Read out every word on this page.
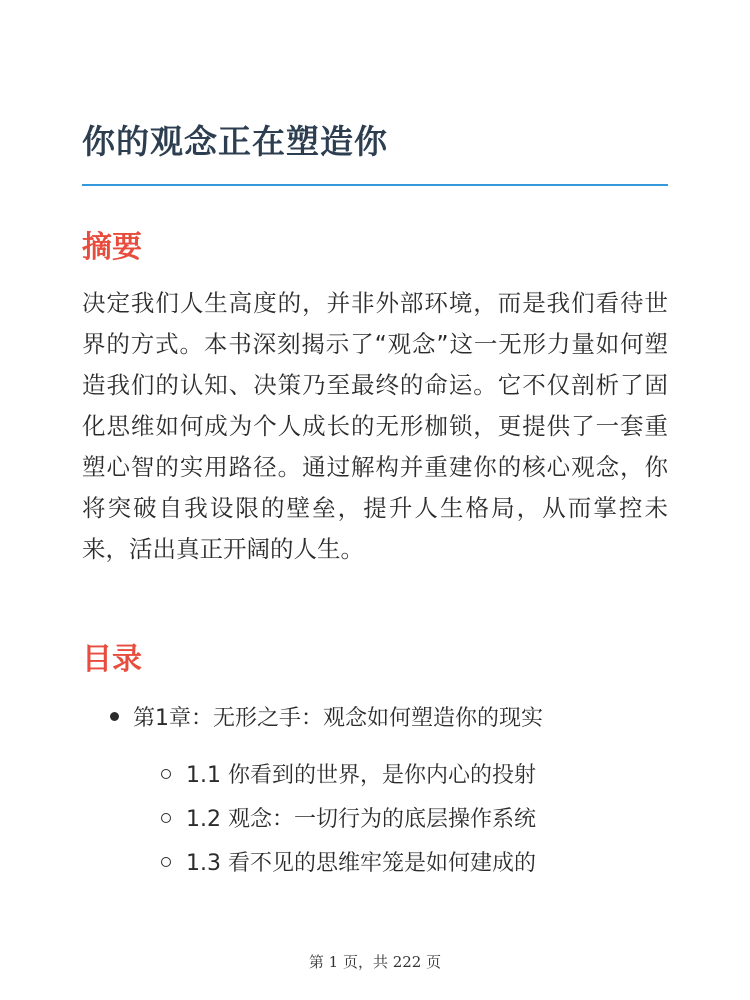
你的观念正在塑造你
摘要

决定我们人生高度的，并非外部环境，而是我们看待世界的方式。本书深刻揭示了“观念”这一无形力量如何塑造我们的认知、决策乃至最终的命运。它不仅剖析了固化思维如何成为个人成长的无形枷锁，更提供了一套重塑心智的实用路径。通过解构并重建你的核心观念，你将突破自我设限的壁垒，提升人生格局，从而掌控未来，活出真正开阔的人生。

目录
第1章：无形之手：观念如何塑造你的现实
1.1 你看到的世界，是你内心的投射
1.2 观念：一切行为的底层操作系统
1.3 看不见的思维牢笼是如何建成的
第 1 页，共 222 页
